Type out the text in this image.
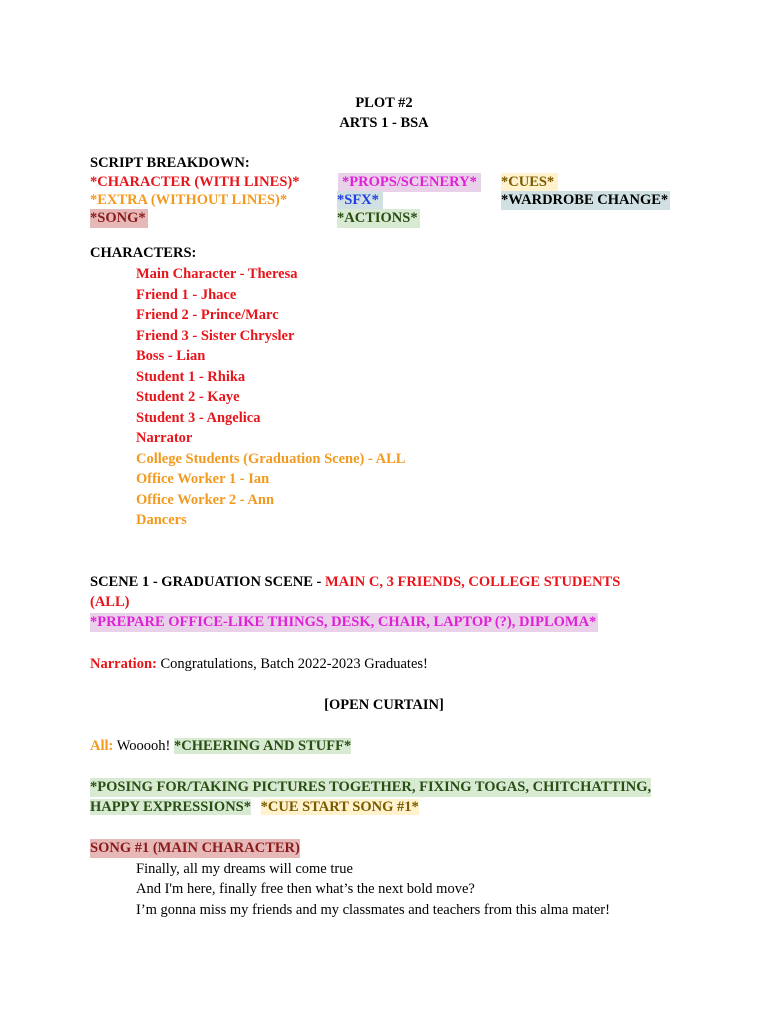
PLOT #2
ARTS 1 - BSA
SCRIPT BREAKDOWN:
*CHARACTER (WITH LINES)*	*PROPS/SCENERY* *CUES*
*EXTRA (WITHOUT LINES)*	*SFX*	*WARDROBE CHANGE*
*SONG*	*ACTIONS*
CHARACTERS:
Main Character - Theresa
Friend 1 - Jhace
Friend 2 - Prince/Marc
Friend 3 - Sister Chrysler
Boss - Lian
Student 1 - Rhika
Student 2 - Kaye
Student 3 - Angelica
Narrator
College Students (Graduation Scene) - ALL
Office Worker 1 - Ian
Office Worker 2 - Ann
Dancers
SCENE 1 - GRADUATION SCENE - MAIN C, 3 FRIENDS, COLLEGE STUDENTS
(ALL)
*PREPARE OFFICE-LIKE THINGS, DESK, CHAIR, LAPTOP (?), DIPLOMA*
Narration: Congratulations, Batch 2022-2023 Graduates!
[OPEN CURTAIN]
All: Wooooh! *CHEERING AND STUFF*
*POSING FOR/TAKING PICTURES TOGETHER, FIXING TOGAS, CHITCHATTING,
HAPPY EXPRESSIONS* *CUE START SONG #1*
SONG #1 (MAIN CHARACTER)
Finally, all my dreams will come true
And I'm here, finally free then what’s the next bold move?
I’m gonna miss my friends and my classmates and teachers from this alma mater!
